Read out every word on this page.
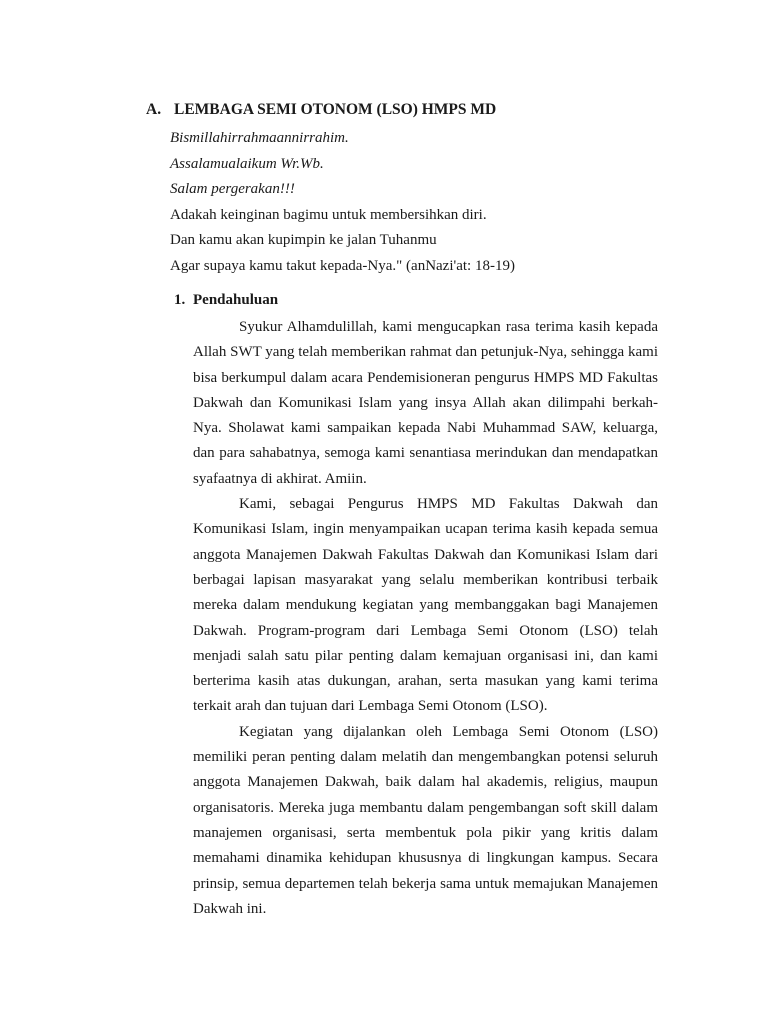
A. LEMBAGA SEMI OTONOM (LSO) HMPS MD
Bismillahirrahmaannirrahim.
Assalamualaikum Wr.Wb.
Salam pergerakan!!!
Adakah keinginan bagimu untuk membersihkan diri.
Dan kamu akan kupimpin ke jalan Tuhanmu
Agar supaya kamu takut kepada-Nya." (anNazi'at: 18-19)
1. Pendahuluan

Syukur Alhamdulillah, kami mengucapkan rasa terima kasih kepada Allah SWT yang telah memberikan rahmat dan petunjuk-Nya, sehingga kami bisa berkumpul dalam acara Pendemisioneran pengurus HMPS MD Fakultas Dakwah dan Komunikasi Islam yang insya Allah akan dilimpahi berkah-Nya. Sholawat kami sampaikan kepada Nabi Muhammad SAW, keluarga, dan para sahabatnya, semoga kami senantiasa merindukan dan mendapatkan syafaatnya di akhirat. Amiin.

Kami, sebagai Pengurus HMPS MD Fakultas Dakwah dan Komunikasi Islam, ingin menyampaikan ucapan terima kasih kepada semua anggota Manajemen Dakwah Fakultas Dakwah dan Komunikasi Islam dari berbagai lapisan masyarakat yang selalu memberikan kontribusi terbaik mereka dalam mendukung kegiatan yang membanggakan bagi Manajemen Dakwah. Program-program dari Lembaga Semi Otonom (LSO) telah menjadi salah satu pilar penting dalam kemajuan organisasi ini, dan kami berterima kasih atas dukungan, arahan, serta masukan yang kami terima terkait arah dan tujuan dari Lembaga Semi Otonom (LSO).

Kegiatan yang dijalankan oleh Lembaga Semi Otonom (LSO) memiliki peran penting dalam melatih dan mengembangkan potensi seluruh anggota Manajemen Dakwah, baik dalam hal akademis, religius, maupun organisatoris. Mereka juga membantu dalam pengembangan soft skill dalam manajemen organisasi, serta membentuk pola pikir yang kritis dalam memahami dinamika kehidupan khususnya di lingkungan kampus. Secara prinsip, semua departemen telah bekerja sama untuk memajukan Manajemen Dakwah ini.
